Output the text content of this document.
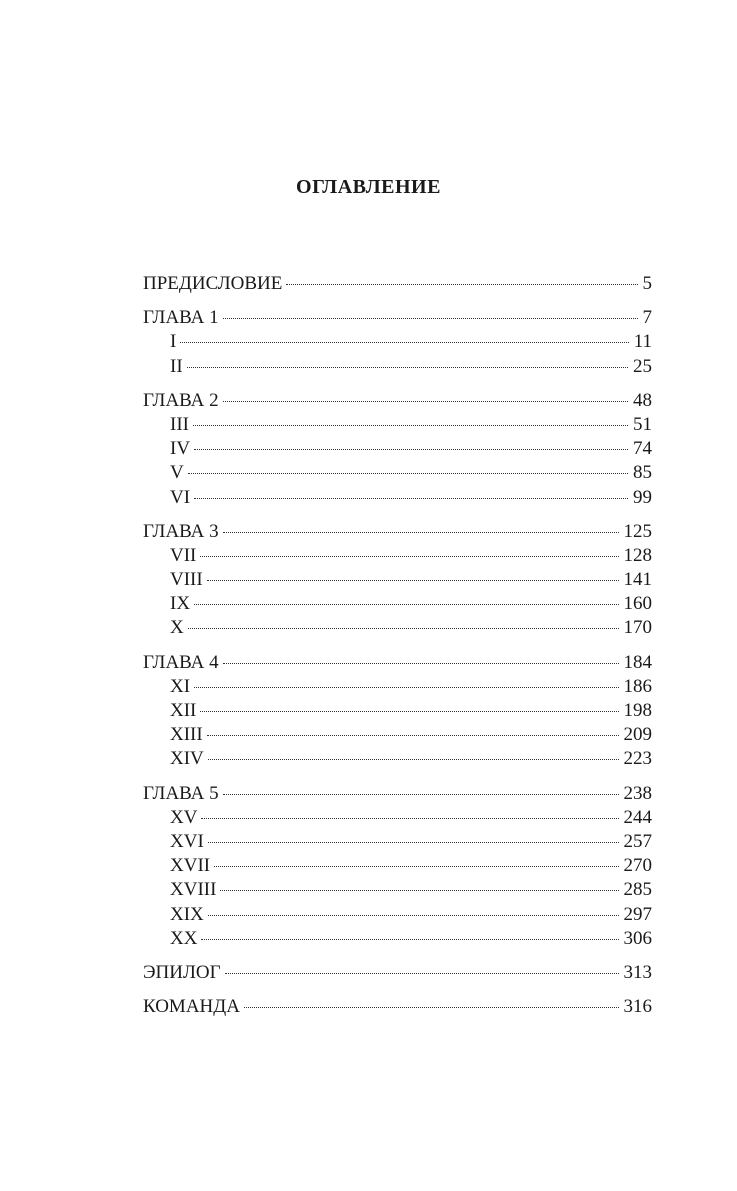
ОГЛАВЛЕНИЕ
ПРЕДИСЛОВИЕ	5
ГЛАВА 1	7
I	11
II	25
ГЛАВА 2	48
III	51
IV	74
V	85
VI	99
ГЛАВА 3	125
VII	128
VIII	141
IX	160
X	170
ГЛАВА 4	184
XI	186
XII	198
XIII	209
XIV	223
ГЛАВА 5	238
XV	244
XVI	257
XVII	270
XVIII	285
XIX	297
XX	306
ЭПИЛОГ	313
КОМАНДА	316
